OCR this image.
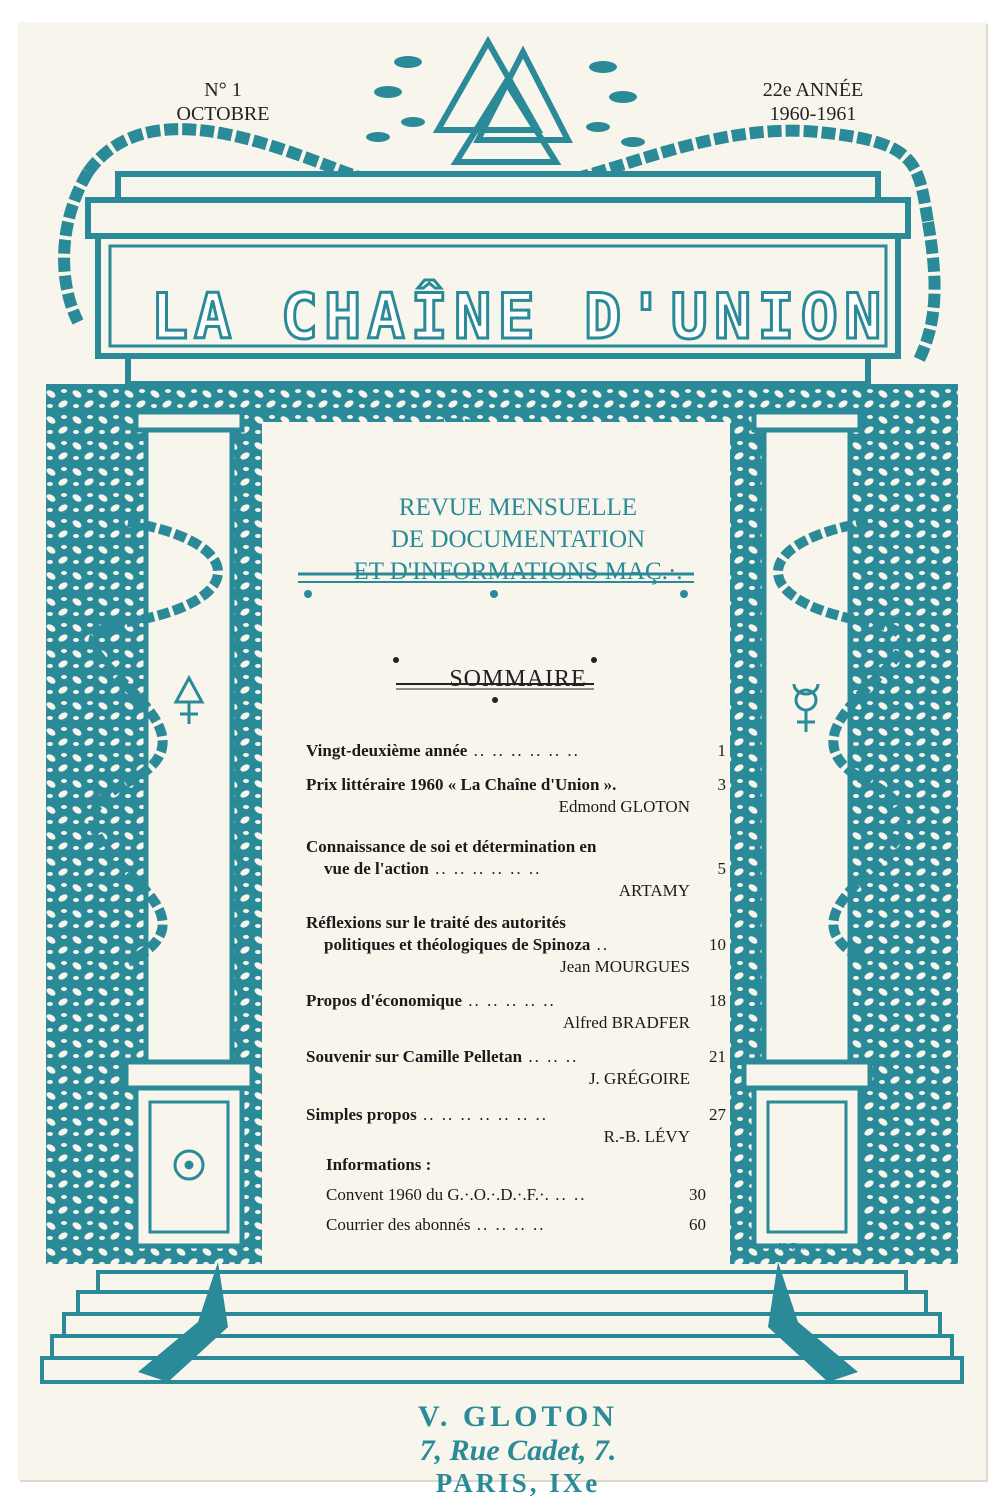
N° 1
OCTOBRE
22e ANNÉE
1960-1961
LA CHAÎNE D'UNION
REVUE MENSUELLE
DE DOCUMENTATION
ET D'INFORMATIONS MAÇ.·.
SOMMAIRE
Vingt-deuxième année .. .. .. .. .. ..	1
Prix littéraire 1960 « La Chaîne d'Union ».	3
Edmond GLOTON
Connaissance de soi et détermination en
vue de l'action .. .. .. .. .. ..	5
ARTAMY
Réflexions sur le traité des autorités
politiques et théologiques de Spinoza ..	10
Jean MOURGUES
Propos d'économique .. .. .. .. ..	18
Alfred BRADFER
Souvenir sur Camille Pelletan .. .. ..	21
J. GRÉGOIRE
Simples propos .. .. .. .. .. .. ..	27
R.-B. LÉVY
Informations :
Convent 1960 du G.·.O.·.D.·.F.·. .. ..	30
Courrier des abonnés .. .. .. ..	60
H. Tattegrain
V. GLOTON
7, Rue Cadet, 7.
PARIS, IXe
